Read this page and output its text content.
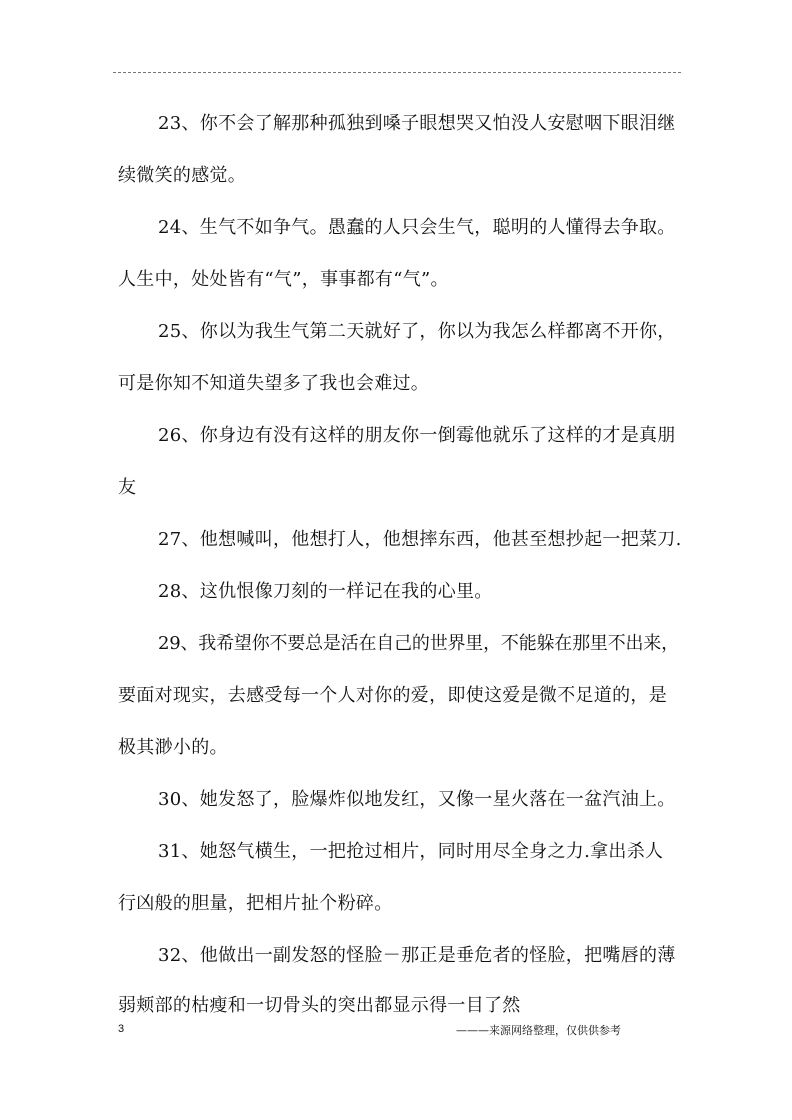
23、你不会了解那种孤独到嗓子眼想哭又怕没人安慰咽下眼泪继
续微笑的感觉。
24、生气不如争气。愚蠢的人只会生气，聪明的人懂得去争取。
人生中，处处皆有“气”，事事都有“气”。
25、你以为我生气第二天就好了，你以为我怎么样都离不开你，
可是你知不知道失望多了我也会难过。
26、你身边有没有这样的朋友你一倒霉他就乐了这样的才是真朋
友
27、他想喊叫，他想打人，他想摔东西，他甚至想抄起一把菜刀.
28、这仇恨像刀刻的一样记在我的心里。
29、我希望你不要总是活在自己的世界里，不能躲在那里不出来，
要面对现实，去感受每一个人对你的爱，即使这爱是微不足道的，是
极其渺小的。
30、她发怒了，脸爆炸似地发红，又像一星火落在一盆汽油上。
31、她怒气横生，一把抢过相片，同时用尽全身之力.拿出杀人
行凶般的胆量，把相片扯个粉碎。
32、他做出一副发怒的怪脸－那正是垂危者的怪脸，把嘴唇的薄
弱颊部的枯瘦和一切骨头的突出都显示得一目了然
3	———来源网络整理，仅供供参考
